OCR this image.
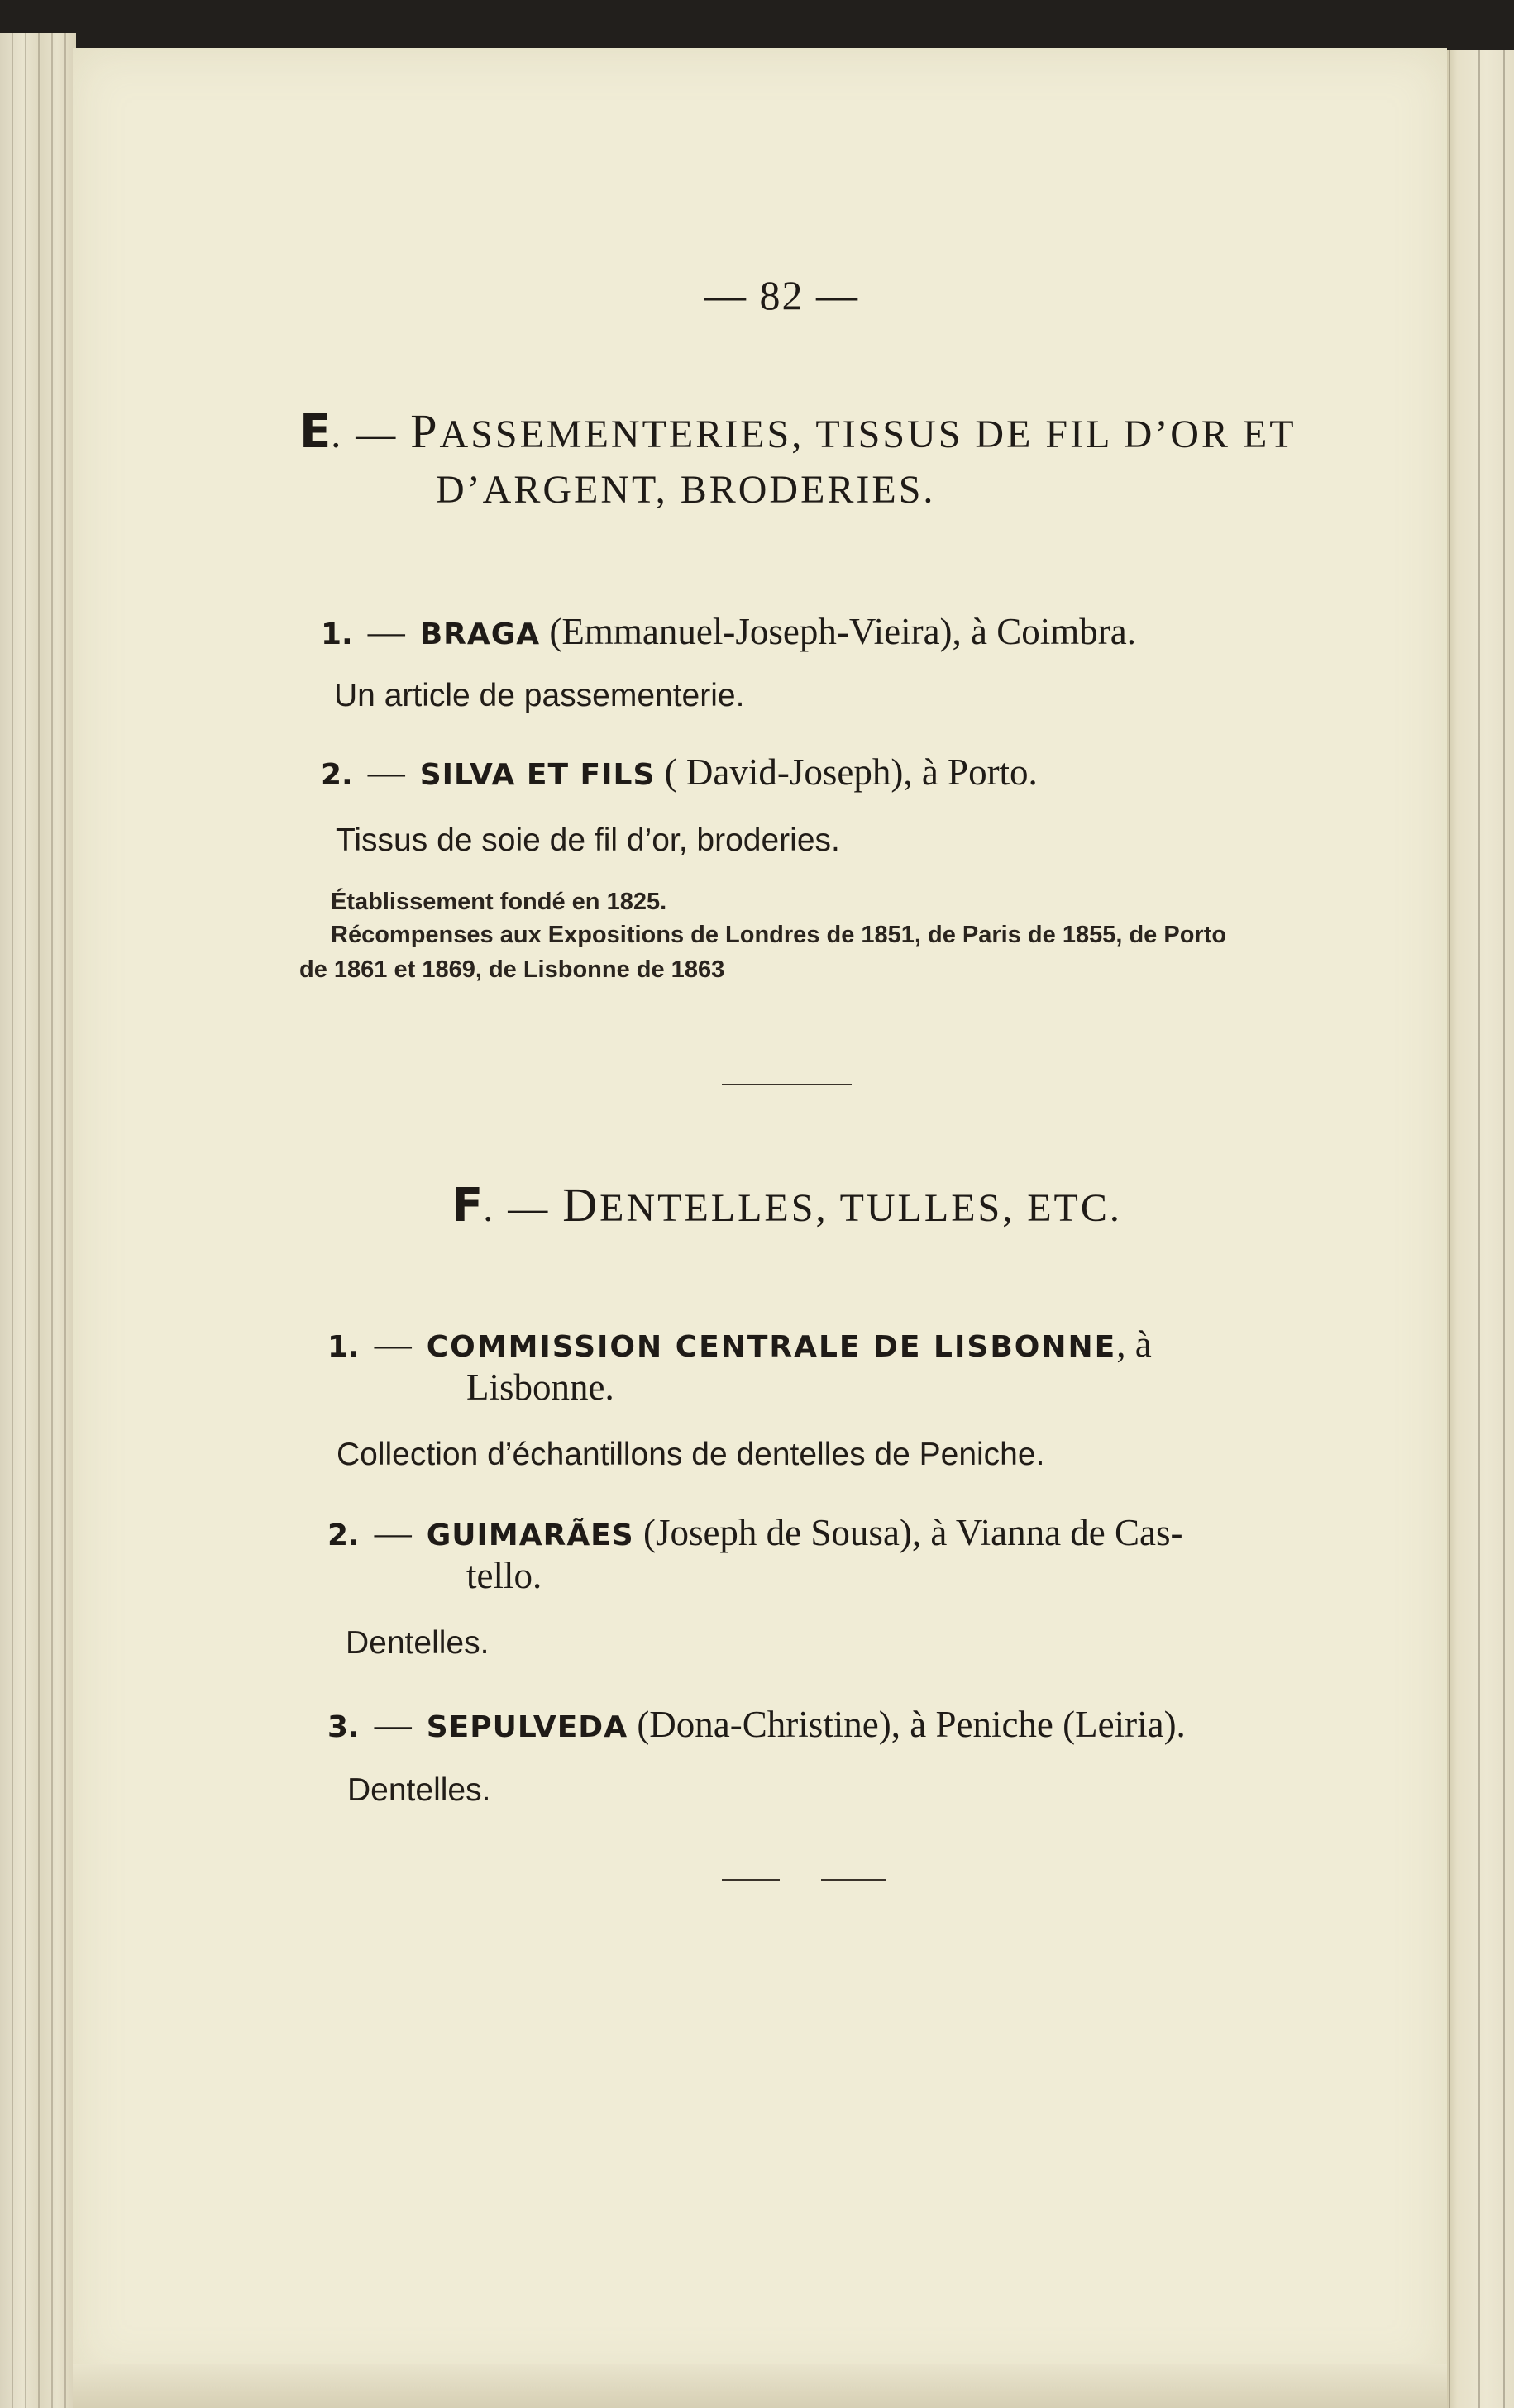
— 82 —
E. — PASSEMENTERIES, TISSUS DE FIL D’OR ET
D’ARGENT, BRODERIES.
1. — BRAGA (Emmanuel-Joseph-Vieira), à Coimbra.
Un article de passementerie.
2. — SILVA ET FILS ( David-Joseph), à Porto.
Tissus de soie de fil d’or, broderies.
Établissement fondé en 1825.
Récompenses aux Expositions de Londres de 1851, de Paris de 1855, de Porto
de 1861 et 1869, de Lisbonne de 1863
F. — DENTELLES, TULLES, ETC.
1. — COMMISSION CENTRALE DE LISBONNE, à
Lisbonne.
Collection d’échantillons de dentelles de Peniche.
2. — GUIMARÃES (Joseph de Sousa), à Vianna de Cas-
tello.
Dentelles.
3. — SEPULVEDA (Dona-Christine), à Peniche (Leiria).
Dentelles.
